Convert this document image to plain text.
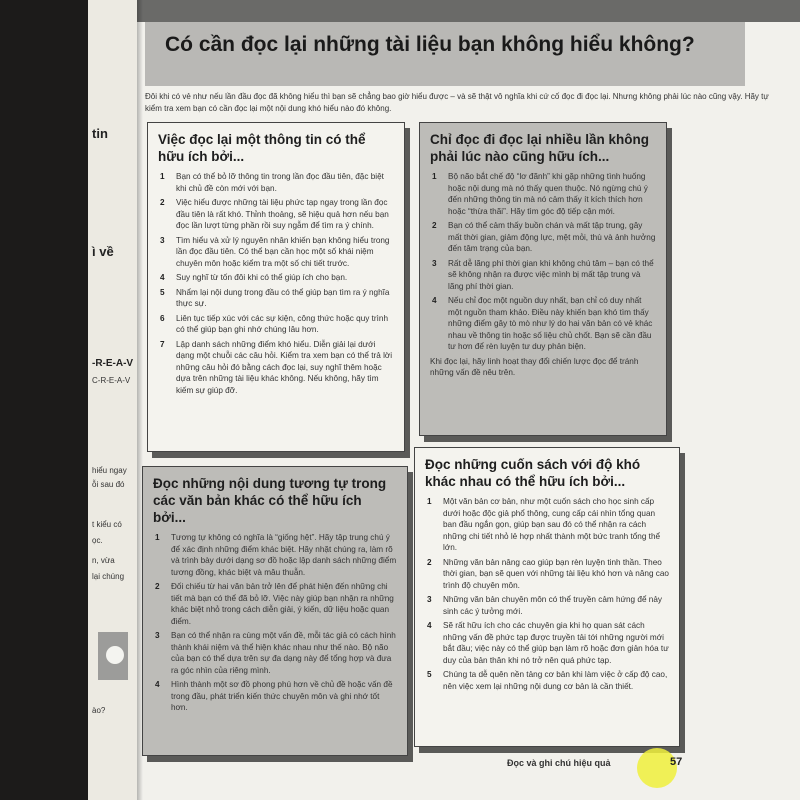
tin
ì về
-R-E-A-V
C-R-E-A-V
hiểu ngay
ỗi sau đó
t kiểu có
ọc.
n, vừa
lại chúng
ào?
Có cần đọc lại những tài liệu bạn không hiểu không?
Đôi khi có vẻ như nếu lần đầu đọc đã không hiểu thì bạn sẽ chẳng bao giờ hiểu được – và sẽ thật vô nghĩa khi cứ cố đọc đi đọc lại. Nhưng không phải lúc nào cũng vậy. Hãy tự kiểm tra xem bạn có cần đọc lại một nội dung khó hiểu nào đó không.
Việc đọc lại một thông tin có thể hữu ích bởi...
1 Bạn có thể bỏ lỡ thông tin trong lần đọc đầu tiên, đặc biệt khi chủ đề còn mới với bạn.
2 Việc hiểu được những tài liệu phức tạp ngay trong lần đọc đầu tiên là rất khó. Thỉnh thoảng, sẽ hiệu quả hơn nếu bạn đọc lần lượt từng phần rồi suy ngẫm để tìm ra ý chính.
3 Tìm hiểu và xử lý nguyên nhân khiến bạn không hiểu trong lần đọc đầu tiên. Có thể bạn cần học một số khái niệm chuyên môn hoặc kiểm tra một số chi tiết trước.
4 Suy nghĩ từ tốn đôi khi có thể giúp ích cho bạn.
5 Nhẩm lại nội dung trong đầu có thể giúp bạn tìm ra ý nghĩa thực sự.
6 Liên tục tiếp xúc với các sự kiện, công thức hoặc quy trình có thể giúp bạn ghi nhớ chúng lâu hơn.
7 Lập danh sách những điểm khó hiểu. Diễn giải lại dưới dạng một chuỗi các câu hỏi. Kiểm tra xem bạn có thể trả lời những câu hỏi đó bằng cách đọc lại, suy nghĩ thêm hoặc dựa trên những tài liệu khác không. Nếu không, hãy tìm kiếm sự giúp đỡ.
Chỉ đọc đi đọc lại nhiều lần không phải lúc nào cũng hữu ích...
1 Bộ não bắt chế độ “lơ đãnh” khi gặp những tình huống hoặc nội dung mà nó thấy quen thuộc. Nó ngừng chú ý đến những thông tin mà nó cảm thấy ít kích thích hơn hoặc “thừa thãi”. Hãy tìm góc độ tiếp cận mới.
2 Bạn có thể cảm thấy buồn chán và mất tập trung, gây mất thời gian, giảm động lực, mệt mỏi, thù và ảnh hưởng đến tâm trạng của bạn.
3 Rất dễ lãng phí thời gian khi không chú tâm – bạn có thể sẽ không nhận ra được việc mình bị mất tập trung và lãng phí thời gian.
4 Nếu chỉ đọc một nguồn duy nhất, bạn chỉ có duy nhất một nguồn tham khảo. Điều này khiến bạn khó tìm thấy những điểm gây tò mò như lý do hai văn bản có vẻ khác nhau về thông tin hoặc số liệu chủ chốt. Bạn sẽ cần đầu tư hơn để rèn luyện tư duy phản biện.

Khi đọc lại, hãy linh hoạt thay đổi chiến lược đọc để tránh những vấn đề nêu trên.

Đọc những nội dung tương tự trong các văn bản khác có thể hữu ích bởi...
1 Tương tự không có nghĩa là “giống hệt”. Hãy tập trung chú ý để xác định những điểm khác biệt. Hãy nhặt chúng ra, làm rõ và trình bày dưới dạng sơ đồ hoặc lập danh sách những điểm tương đồng, khác biệt và mâu thuẫn.
2 Đối chiếu từ hai văn bản trở lên để phát hiện đến những chi tiết mà bạn có thể đã bỏ lỡ. Việc này giúp bạn nhận ra những khác biệt nhỏ trong cách diễn giải, ý kiến, dữ liệu hoặc quan điểm.
3 Bạn có thể nhận ra cùng một vấn đề, mỗi tác giả có cách hình thành khái niệm và thể hiện khác nhau như thế nào. Bộ não của bạn có thể dựa trên sự đa dạng này để tổng hợp và đưa ra góc nhìn của riêng mình.
4 Hình thành một sơ đồ phong phú hơn về chủ đề hoặc vấn đề trong đầu, phát triển kiến thức chuyên môn và ghi nhớ tốt hơn.
Đọc những cuốn sách với độ khó khác nhau có thể hữu ích bởi...
1 Một văn bản cơ bản, như một cuốn sách cho học sinh cấp dưới hoặc độc giả phổ thông, cung cấp cái nhìn tổng quan ban đầu ngắn gọn, giúp bạn sau đó có thể nhận ra cách những chi tiết nhỏ lẻ hợp nhất thành một bức tranh tổng thể lớn.
2 Những văn bản nâng cao giúp bạn rèn luyện tinh thần. Theo thời gian, bạn sẽ quen với những tài liệu khó hơn và nâng cao trình độ chuyên môn.
3 Những văn bản chuyên môn có thể truyền cảm hứng để nảy sinh các ý tưởng mới.
4 Sẽ rất hữu ích cho các chuyên gia khi họ quan sát cách những vấn đề phức tạp được truyền tải tới những người mới bắt đầu; việc này có thể giúp bạn làm rõ hoặc đơn giản hóa tư duy của bản thân khi nó trở nên quá phức tạp.
5 Chúng ta dễ quên nền tảng cơ bản khi làm việc ở cấp độ cao, nên việc xem lại những nội dung cơ bản là cần thiết.
Đọc và ghi chú hiệu quả	57
